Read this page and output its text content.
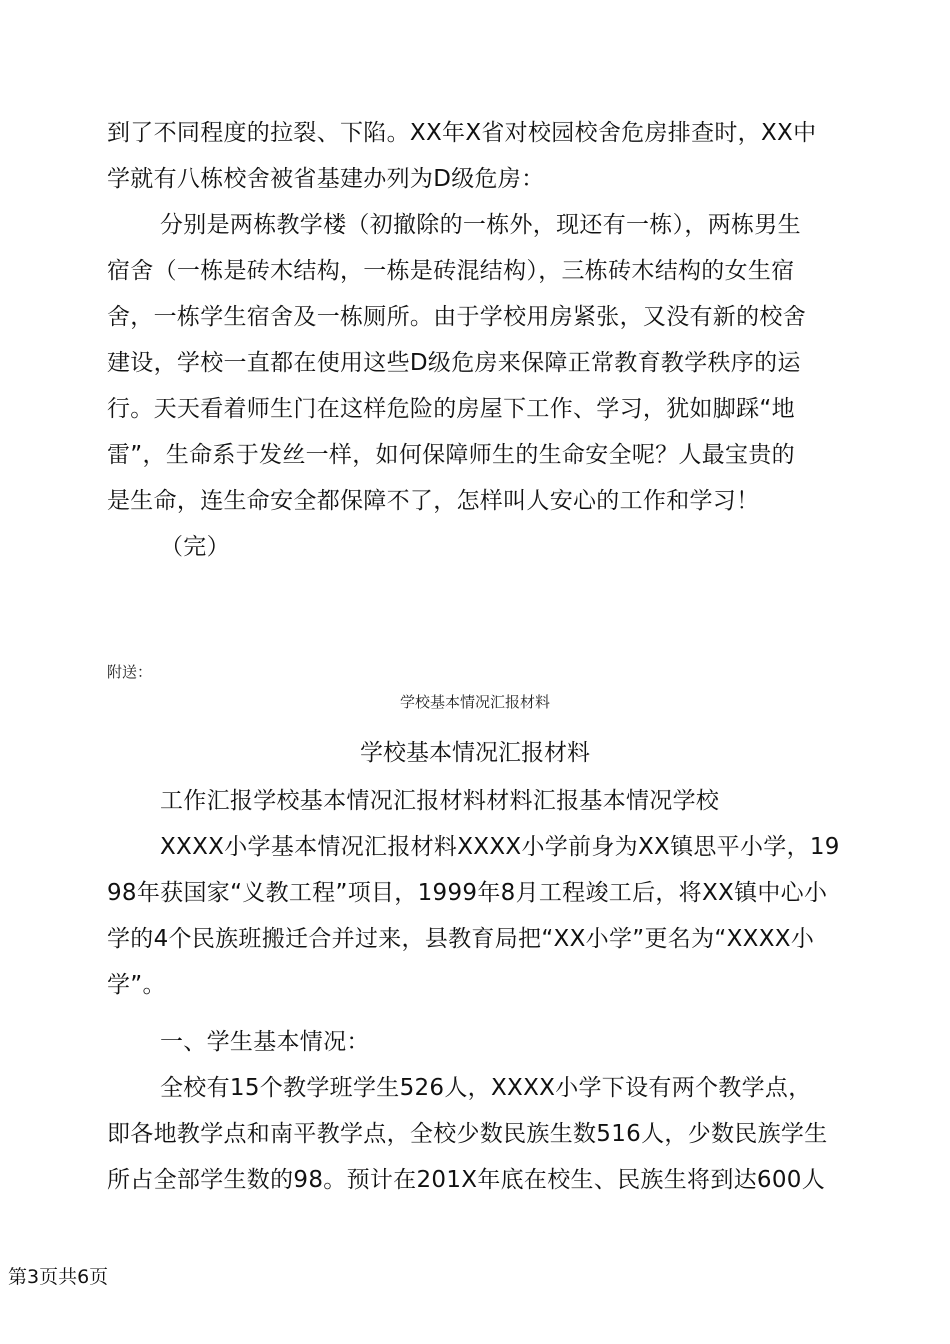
到了不同程度的拉裂、下陷。XX年X省对校园校舍危房排查时，XX中
学就有八栋校舍被省基建办列为D级危房：
分别是两栋教学楼（初撤除的一栋外，现还有一栋），两栋男生
宿舍（一栋是砖木结构，一栋是砖混结构），三栋砖木结构的女生宿
舍，一栋学生宿舍及一栋厕所。由于学校用房紧张，又没有新的校舍
建设，学校一直都在使用这些D级危房来保障正常教育教学秩序的运
行。天天看着师生门在这样危险的房屋下工作、学习，犹如脚踩“地
雷”，生命系于发丝一样，如何保障师生的生命安全呢？人最宝贵的
是生命，连生命安全都保障不了，怎样叫人安心的工作和学习！
（完）
附送：
学校基本情况汇报材料
学校基本情况汇报材料
工作汇报学校基本情况汇报材料材料汇报基本情况学校
XXXX小学基本情况汇报材料XXXX小学前身为XX镇思平小学，19
98年获国家“义教工程”项目，1999年8月工程竣工后，将XX镇中心小
学的4个民族班搬迁合并过来，县教育局把“XX小学”更名为“XXXX小
学”。
一、学生基本情况：
全校有15个教学班学生526人，XXXX小学下设有两个教学点，
即各地教学点和南平教学点，全校少数民族生数516人，少数民族学生
所占全部学生数的98。预计在201X年底在校生、民族生将到达600人
第3页共6页
